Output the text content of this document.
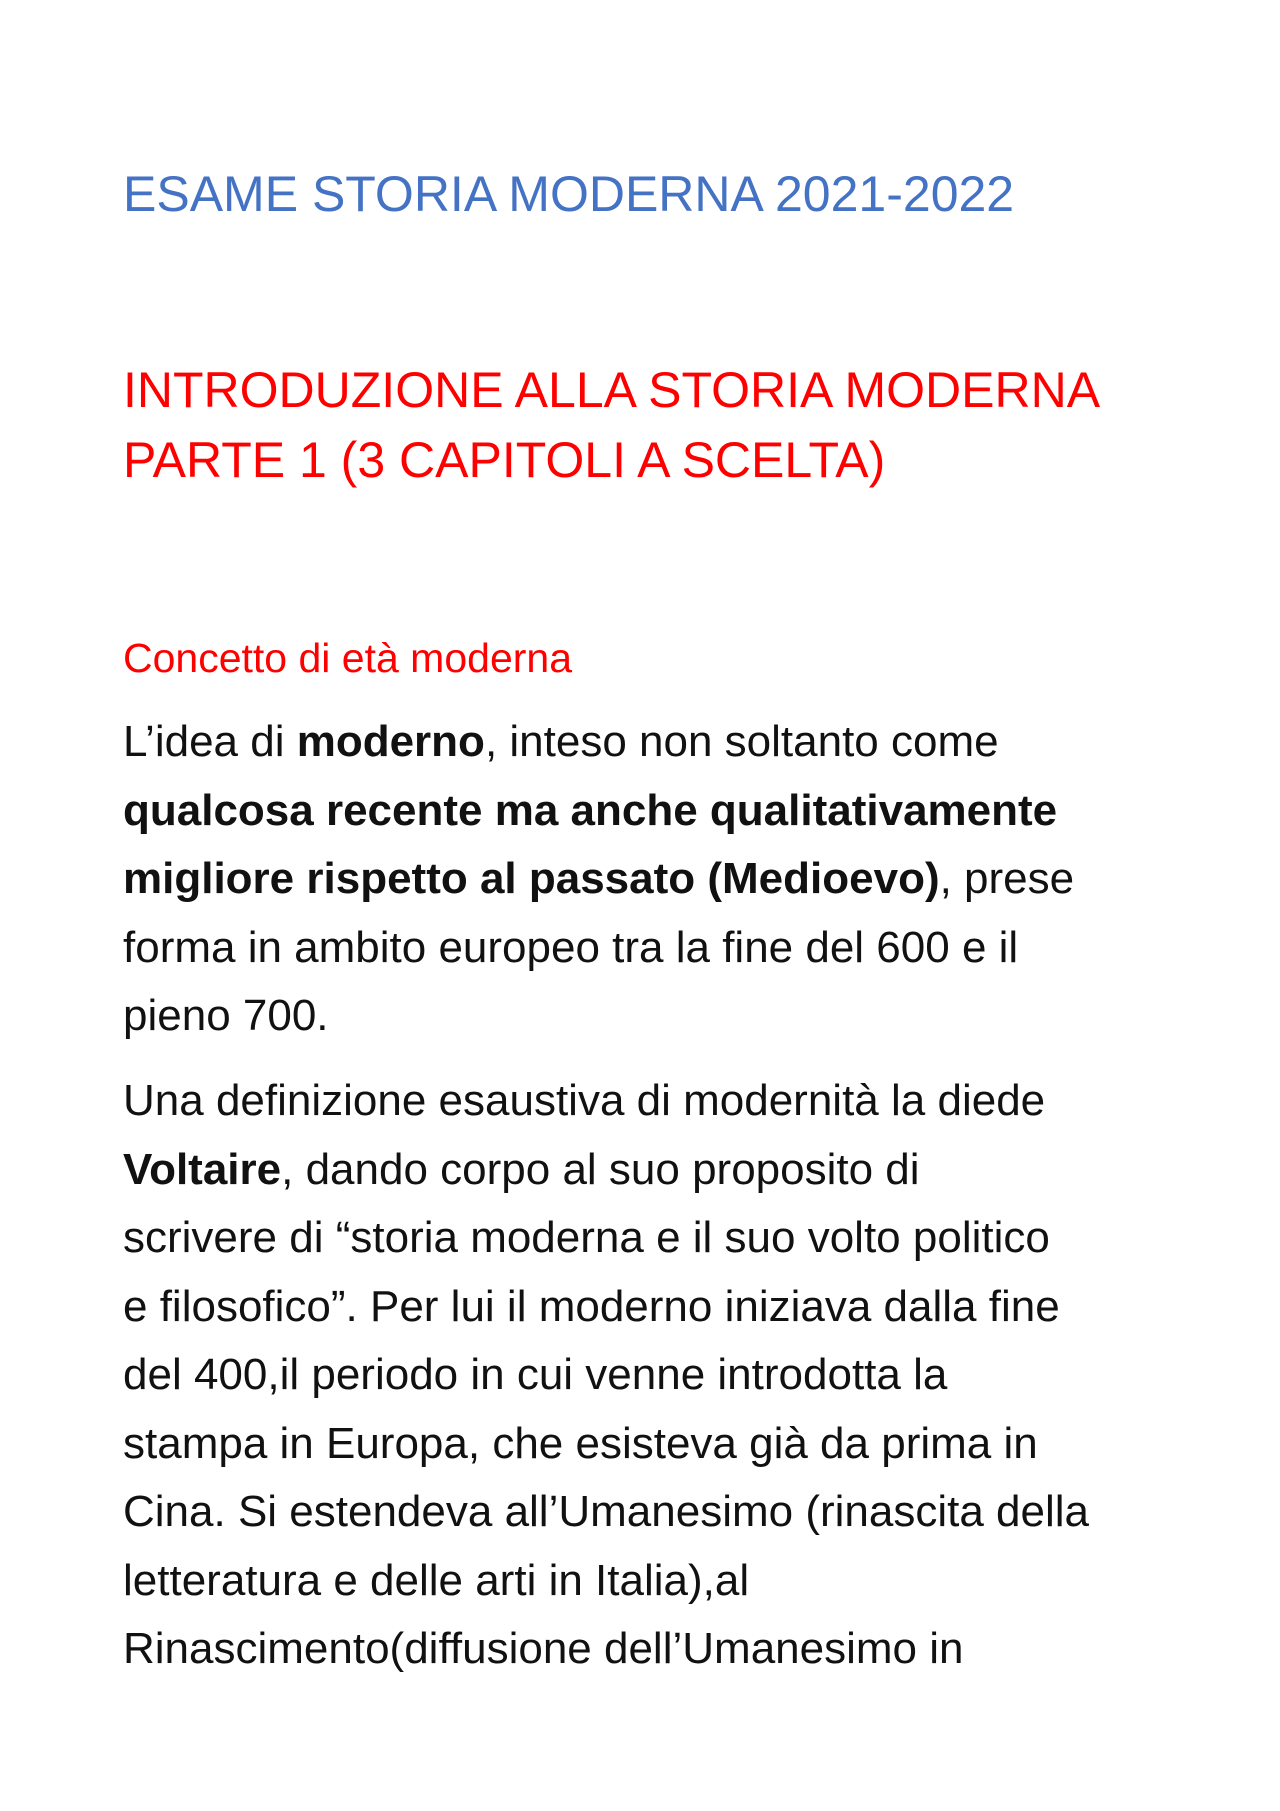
ESAME STORIA MODERNA 2021-2022
INTRODUZIONE ALLA STORIA MODERNA
PARTE 1 (3 CAPITOLI A SCELTA)
Concetto di età moderna

L’idea di moderno, inteso non soltanto come
qualcosa recente ma anche qualitativamente
migliore rispetto al passato (Medioevo), prese
forma in ambito europeo tra la fine del 600 e il
pieno 700.

Una definizione esaustiva di modernità la diede
Voltaire, dando corpo al suo proposito di
scrivere di “storia moderna e il suo volto politico
e filosofico”. Per lui il moderno iniziava dalla fine
del 400,il periodo in cui venne introdotta la
stampa in Europa, che esisteva già da prima in
Cina. Si estendeva all’Umanesimo (rinascita della
letteratura e delle arti in Italia),al
Rinascimento(diffusione dell’Umanesimo in
